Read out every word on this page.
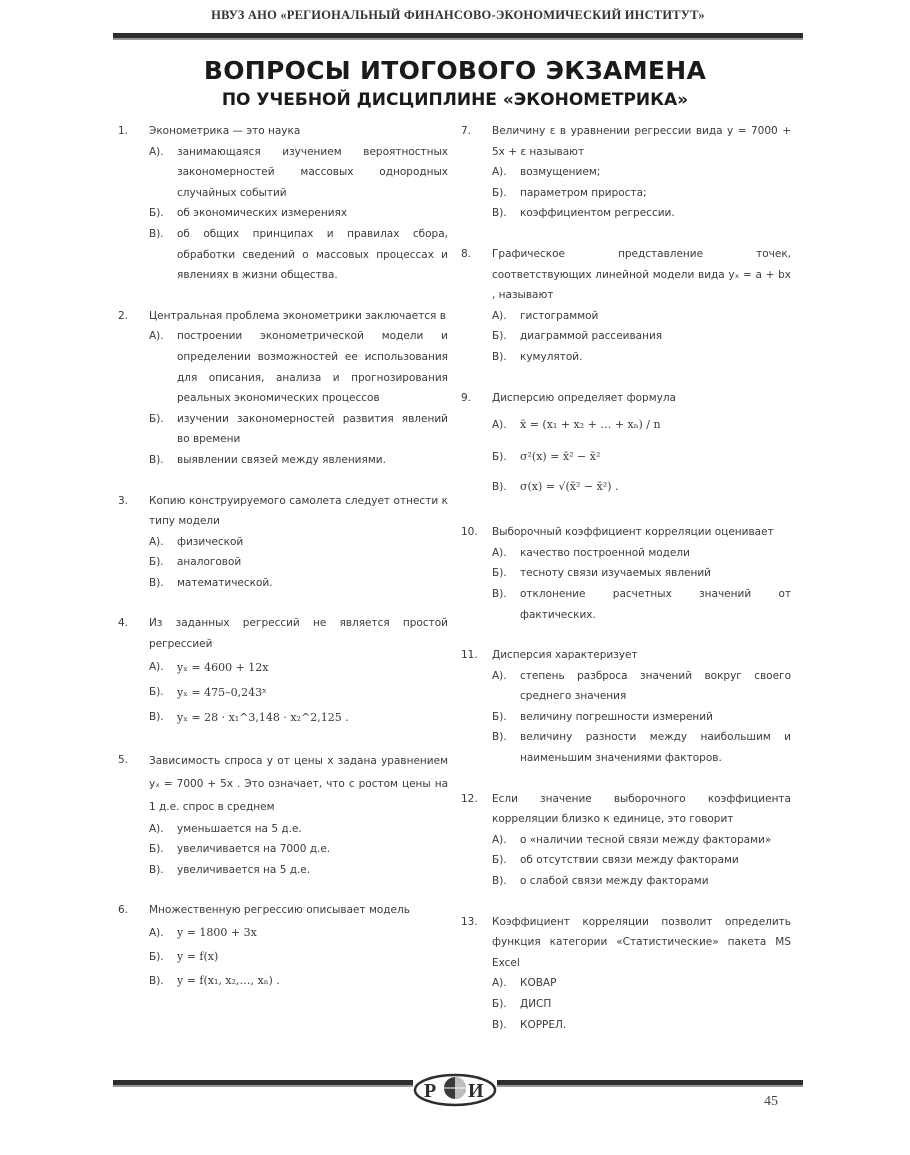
НВУЗ АНО «РЕГИОНАЛЬНЫЙ ФИНАНСОВО-ЭКОНОМИЧЕСКИЙ ИНСТИТУТ»
ВОПРОСЫ ИТОГОВОГО ЭКЗАМЕНА
ПО УЧЕБНОЙ ДИСЦИПЛИНЕ «ЭКОНОМЕТРИКА»
1. Эконометрика — это наука
А). занимающаяся изучением вероятностных закономерностей массовых однородных случайных событий
Б). об экономических измерениях
В). об общих принципах и правилах сбора, обработки сведений о массовых процессах и явлениях в жизни общества.
2. Центральная проблема эконометрики заключается в
А). построении эконометрической модели и определении возможностей ее использования для описания, анализа и прогнозирования реальных экономических процессов
Б). изучении закономерностей развития явлений во времени
В). выявлении связей между явлениями.
3. Копию конструируемого самолета следует отнести к типу модели
А). физической
Б). аналоговой
В). математической.
4. Из заданных регрессий не является простой регрессией
А). yₓ = 4600 + 12x
Б). yₓ = 475–0,243ˣ
В). yₓ = 28 · x₁^3,148 · x₂^2,125 .
5. Зависимость спроса y от цены x задана уравнением yₓ = 7000 + 5x . Это означает, что с ростом цены на 1 д.е. спрос в среднем
А). уменьшается на 5 д.е.
Б). увеличивается на 7000 д.е.
В). увеличивается на 5 д.е.
6. Множественную регрессию описывает модель
А). y = 1800 + 3x
Б). y = f(x)
В). y = f(x₁, x₂,…, xₙ) .
7. Величину ε в уравнении регрессии вида y = 7000 + 5x + ε называют
А). возмущением;
Б). параметром прироста;
В). коэффициентом регрессии.
8. Графическое представление точек, соответствующих линейной модели вида yₓ = a + bx , называют
А). гистограммой
Б). диаграммой рассеивания
В). кумулятой.
9. Дисперсию определяет формула
А). x̄ = (x₁ + x₂ + … + xₙ) / n
Б). σ²(x) = x̄² − x̄²
В). σ(x) = √(x̄² − x̄²) .
10. Выборочный коэффициент корреляции оценивает
А). качество построенной модели
Б). тесноту связи изучаемых явлений
В). отклонение расчетных значений от фактических.
11. Дисперсия характеризует
А). степень разброса значений вокруг своего среднего значения
Б). величину погрешности измерений
В). величину разности между наибольшим и наименьшим значениями факторов.
12. Если значение выборочного коэффициента корреляции близко к единице, это говорит
А). о «наличии тесной связи между факторами»
Б). об отсутствии связи между факторами
В). о слабой связи между факторами
13. Коэффициент корреляции позволит определить функция категории «Статистические» пакета MS Excel
А). КОВАР
Б). ДИСП
В). КОРРЕЛ.
Р И	45
